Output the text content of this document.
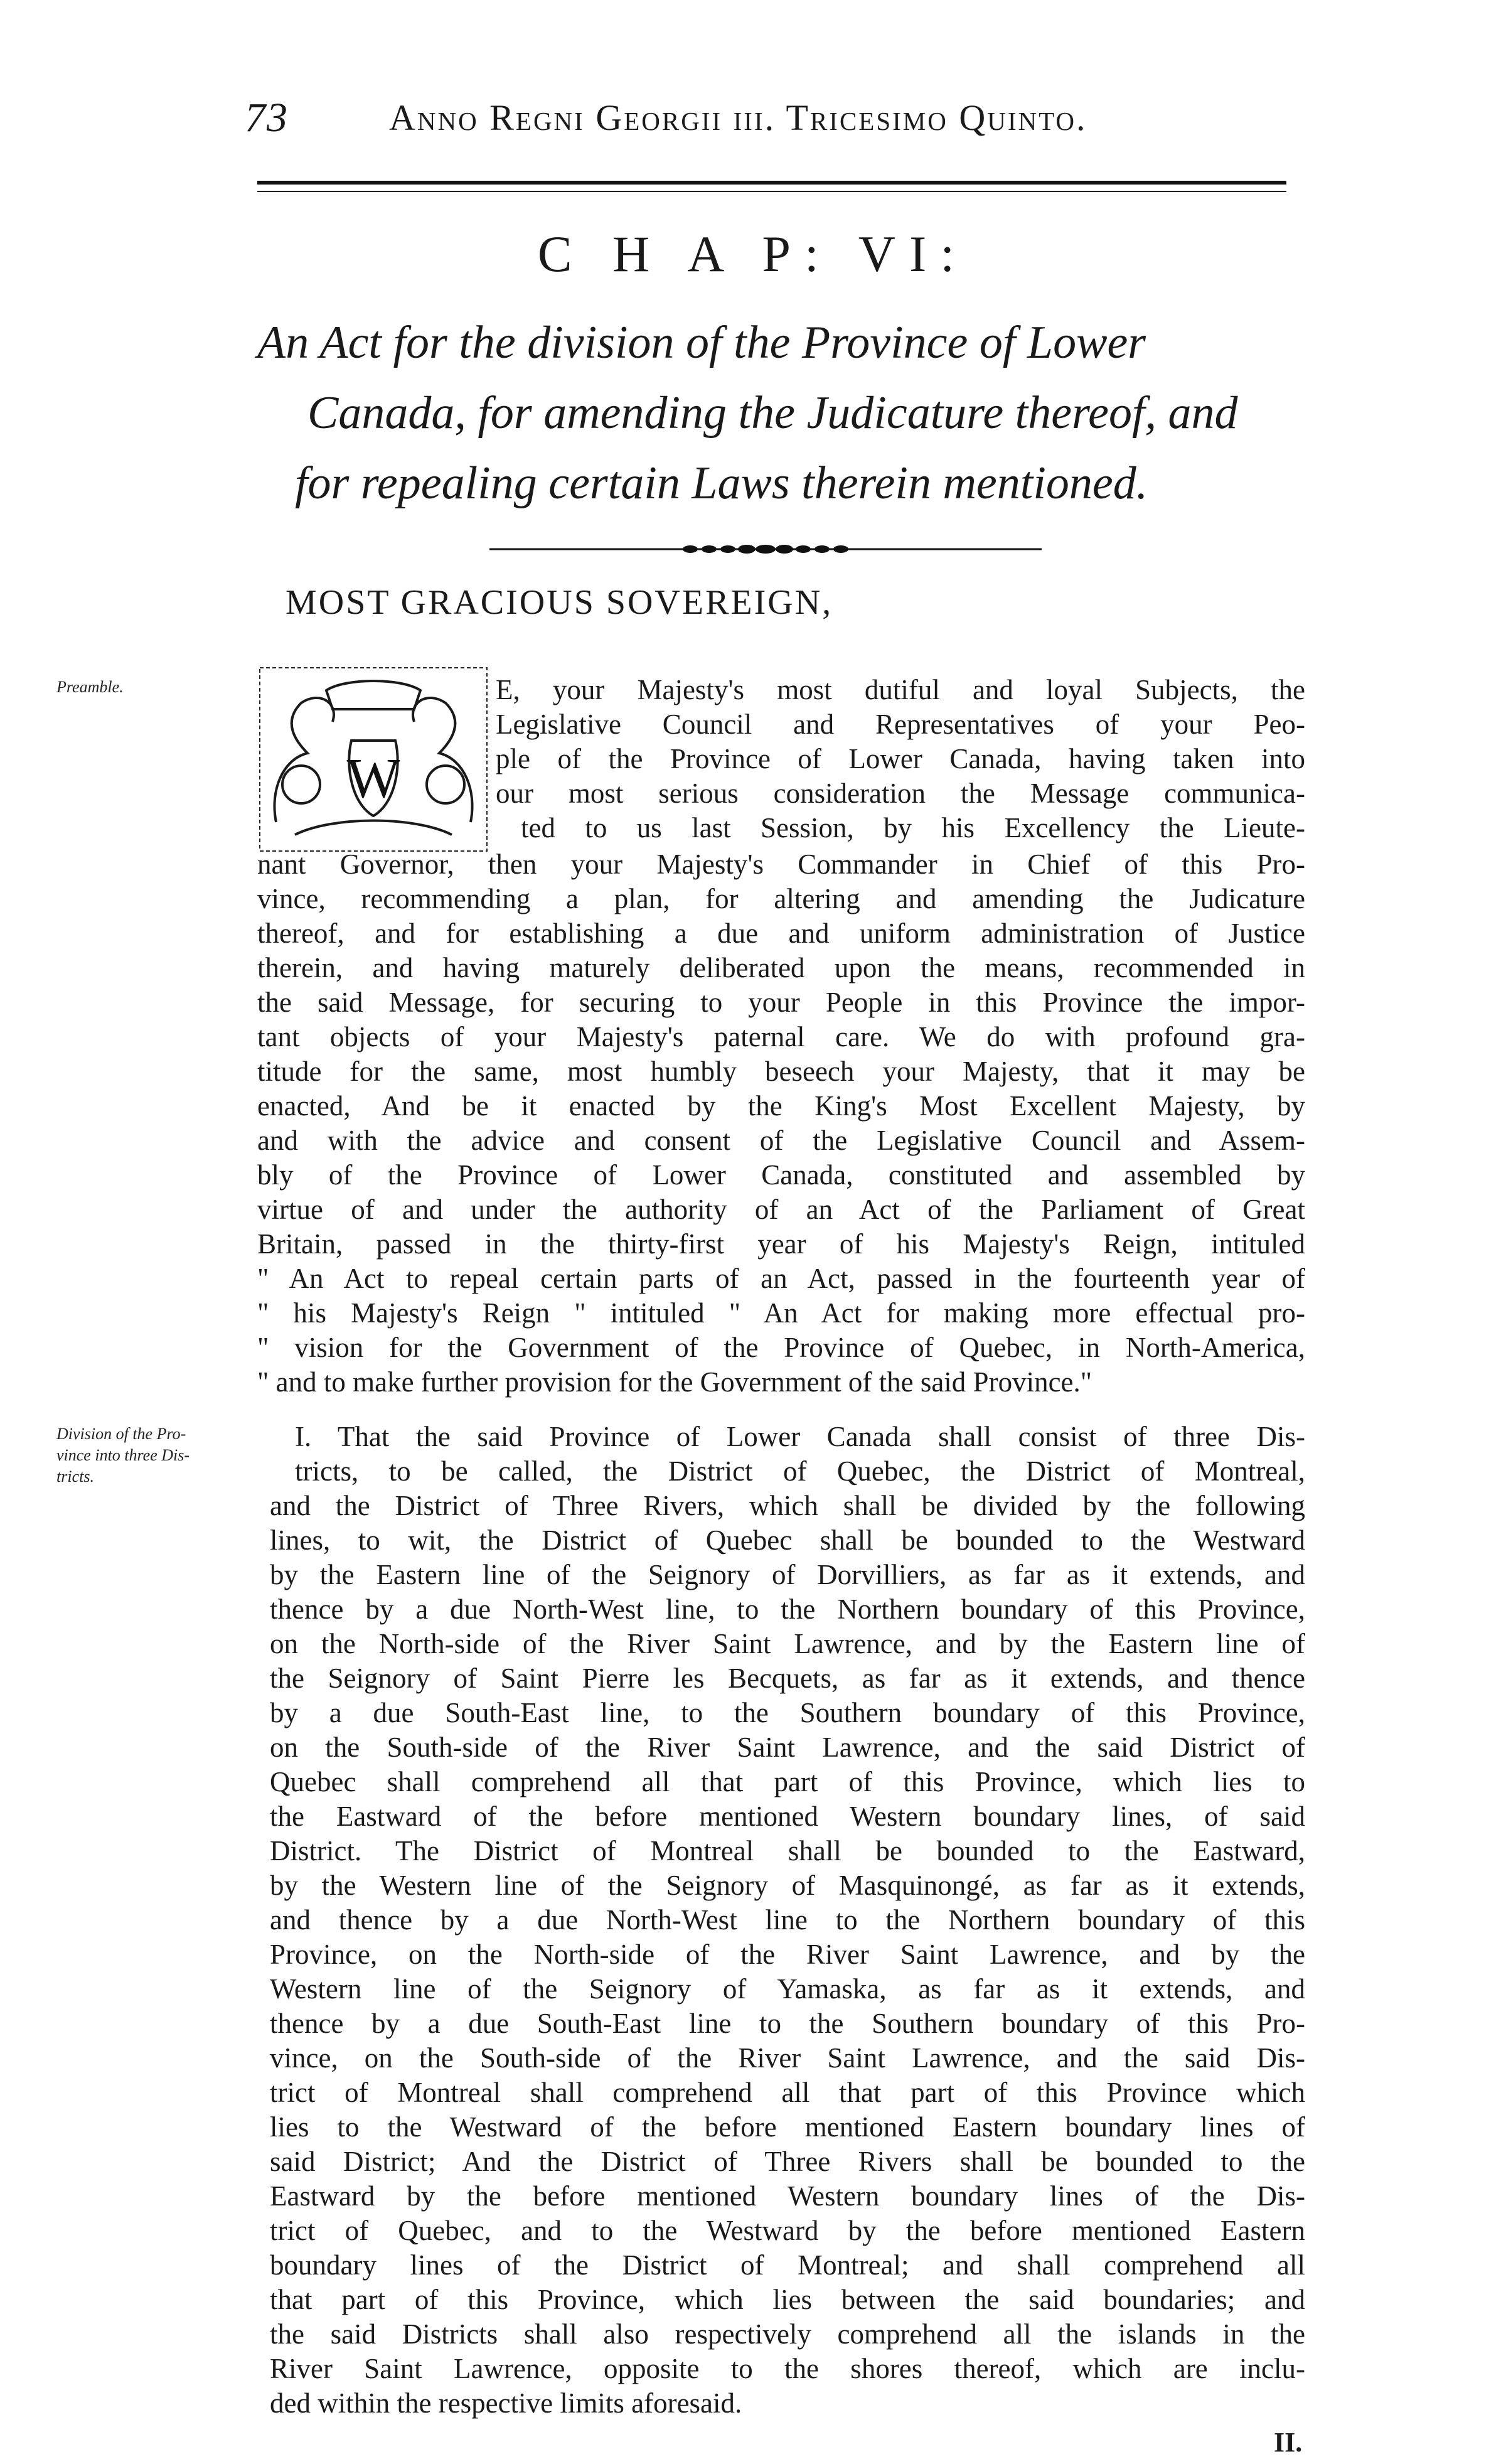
73	Anno Regni Georgii iii. Tricesimo Quinto.
C H A P: VI:
An Act for the division of the Province of Lower
Canada, for amending the Judicature thereof, and
for repealing certain Laws therein mentioned.
MOST GRACIOUS SOVEREIGN,
Preamble.
Division of the Pro-
vince into three Dis-
tricts.
W
E, your Majesty's most dutiful and loyal Subjects, the
Legislative Council and Representatives of your Peo-
ple of the Province of Lower Canada, having taken into
our most serious consideration the Message communica-
ted to us last Session, by his Excellency the Lieute-
nant Governor, then your Majesty's Commander in Chief of this Pro-
vince, recommending a plan, for altering and amending the Judicature
thereof, and for establishing a due and uniform administration of Justice
therein, and having maturely deliberated upon the means, recommended in
the said Message, for securing to your People in this Province the impor-
tant objects of your Majesty's paternal care. We do with profound gra-
titude for the same, most humbly beseech your Majesty, that it may be
enacted, And be it enacted by the King's Most Excellent Majesty, by
and with the advice and consent of the Legislative Council and Assem-
bly of the Province of Lower Canada, constituted and assembled by
virtue of and under the authority of an Act of the Parliament of Great
Britain, passed in the thirty-first year of his Majesty's Reign, intituled
" An Act to repeal certain parts of an Act, passed in the fourteenth year of
" his Majesty's Reign " intituled " An Act for making more effectual pro-
" vision for the Government of the Province of Quebec, in North-America,
" and to make further provision for the Government of the said Province."
I. That the said Province of Lower Canada shall consist of three Dis-
tricts, to be called, the District of Quebec, the District of Montreal,
and the District of Three Rivers, which shall be divided by the following
lines, to wit, the District of Quebec shall be bounded to the Westward
by the Eastern line of the Seignory of Dorvilliers, as far as it extends, and
thence by a due North-West line, to the Northern boundary of this Province,
on the North-side of the River Saint Lawrence, and by the Eastern line of
the Seignory of Saint Pierre les Becquets, as far as it extends, and thence
by a due South-East line, to the Southern boundary of this Province,
on the South-side of the River Saint Lawrence, and the said District of
Quebec shall comprehend all that part of this Province, which lies to
the Eastward of the before mentioned Western boundary lines, of said
District. The District of Montreal shall be bounded to the Eastward,
by the Western line of the Seignory of Masquinongé, as far as it extends,
and thence by a due North-West line to the Northern boundary of this
Province, on the North-side of the River Saint Lawrence, and by the
Western line of the Seignory of Yamaska, as far as it extends, and
thence by a due South-East line to the Southern boundary of this Pro-
vince, on the South-side of the River Saint Lawrence, and the said Dis-
trict of Montreal shall comprehend all that part of this Province which
lies to the Westward of the before mentioned Eastern boundary lines of
said District; And the District of Three Rivers shall be bounded to the
Eastward by the before mentioned Western boundary lines of the Dis-
trict of Quebec, and to the Westward by the before mentioned Eastern
boundary lines of the District of Montreal; and shall comprehend all
that part of this Province, which lies between the said boundaries; and
the said Districts shall also respectively comprehend all the islands in the
River Saint Lawrence, opposite to the shores thereof, which are inclu-
ded within the respective limits aforesaid.
II.
